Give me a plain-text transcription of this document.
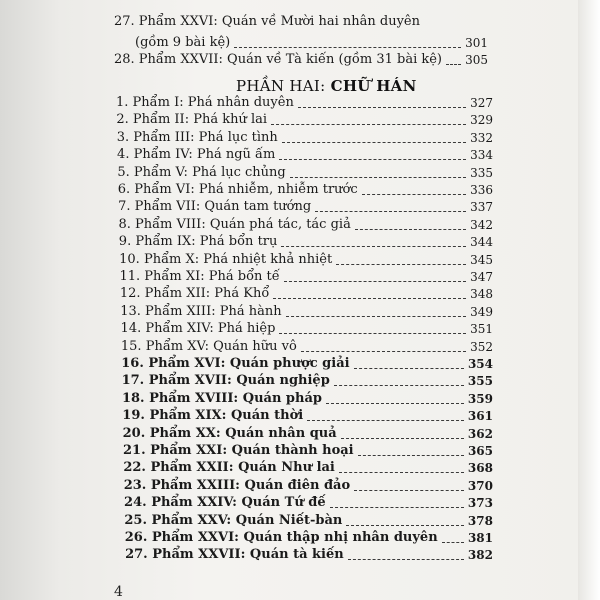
27. Phẩm XXVI: Quán về Mười hai nhân duyên
(gồm 9 bài kệ)	301
28. Phẩm XXVII: Quán về Tà kiến (gồm 31 bài kệ) 305
PHẦN HAI: CHỮ HÁN
1. Phẩm I: Phá nhân duyên	327
2. Phẩm II: Phá khứ lai	329
3. Phẩm III: Phá lục tình	332
4. Phẩm IV: Phá ngũ ấm	334
5. Phẩm V: Phá lục chủng	335
6. Phẩm VI: Phá nhiễm, nhiễm trước	336
7. Phẩm VII: Quán tam tướng	337
8. Phẩm VIII: Quán phá tác, tác giả	342
9. Phẩm IX: Phá bổn trụ	344
10. Phẩm X: Phá nhiệt khả nhiệt	345
11. Phẩm XI: Phá bổn tế	347
12. Phẩm XII: Phá Khổ	348
13. Phẩm XIII: Phá hành	349
14. Phẩm XIV: Phá hiệp	351
15. Phẩm XV: Quán hữu vô	352
16. Phẩm XVI: Quán phược giải	354
17. Phẩm XVII: Quán nghiệp	355
18. Phẩm XVIII: Quán pháp	359
19. Phẩm XIX: Quán thời	361
20. Phẩm XX: Quán nhân quả	362
21. Phẩm XXI: Quán thành hoại	365
22. Phẩm XXII: Quán Như lai	368
23. Phẩm XXIII: Quán điên đảo	370
24. Phẩm XXIV: Quán Tứ đế	373
25. Phẩm XXV: Quán Niết-bàn	378
26. Phẩm XXVI: Quán thập nhị nhân duyên	381
27. Phẩm XXVII: Quán tà kiến	382
4
